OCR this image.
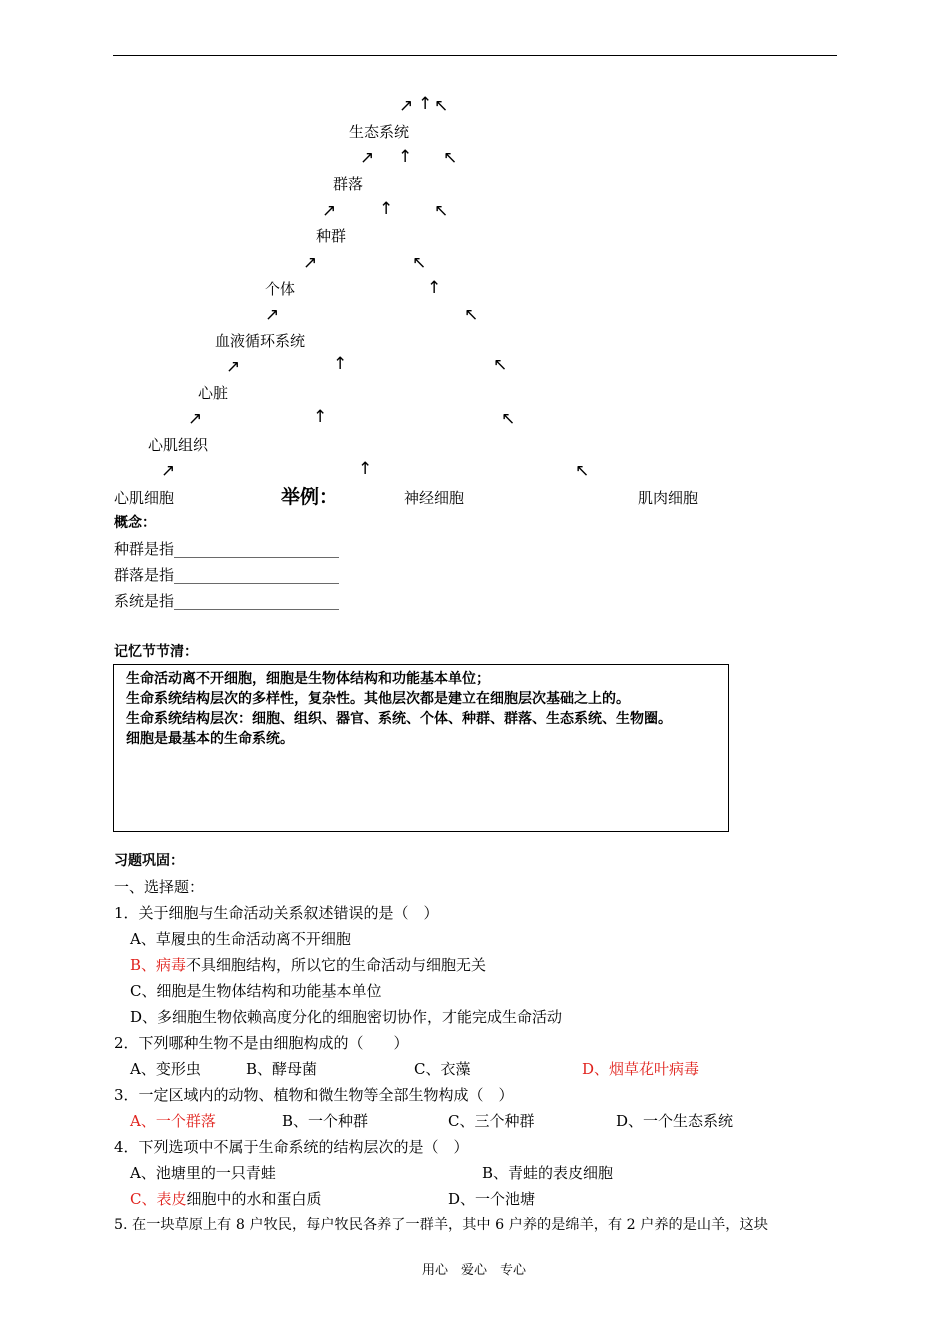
↗ ↑ ↖
生态系统
↗ ↑ ↖
群落
↗	↑ ↖
种群
↗	↖
个体	↑
↗	↖
血液循环系统
↑
↗	↖
心脏
↗	↑	↖
心肌组织
↗	↑	↖
心肌细胞	举例：	神经细胞	肌肉细胞
概念：
种群是指______________________
群落是指______________________
系统是指______________________
记忆节节清：
生命活动离不开细胞，细胞是生物体结构和功能基本单位；
生命系统结构层次的多样性，复杂性。其他层次都是建立在细胞层次基础之上的。
生命系统结构层次：细胞、组织、器官、系统、个体、种群、群落、生态系统、生物圈。
细胞是最基本的生命系统。
习题巩固：
一、选择题：
1．关于细胞与生命活动关系叙述错误的是（　）
A、草履虫的生命活动离不开细胞
B、病毒不具细胞结构，所以它的生命活动与细胞无关
C、细胞是生物体结构和功能基本单位
D、多细胞生物依赖高度分化的细胞密切协作，才能完成生命活动
2．下列哪种生物不是由细胞构成的（　　）
A、变形虫	B、酵母菌	C、衣藻	D、烟草花叶病毒
3．一定区域内的动物、植物和微生物等全部生物构成（　）
A、一个群落	B、一个种群	C、三个种群	D、一个生态系统
4．下列选项中不属于生命系统的结构层次的是（　）
A、池塘里的一只青蛙	B、青蛙的表皮细胞
C、表皮细胞中的水和蛋白质	D、一个池塘
5. 在一块草原上有 8 户牧民，每户牧民各养了一群羊，其中 6 户养的是绵羊，有 2 户养的是山羊，这块
用心　爱心　专心
